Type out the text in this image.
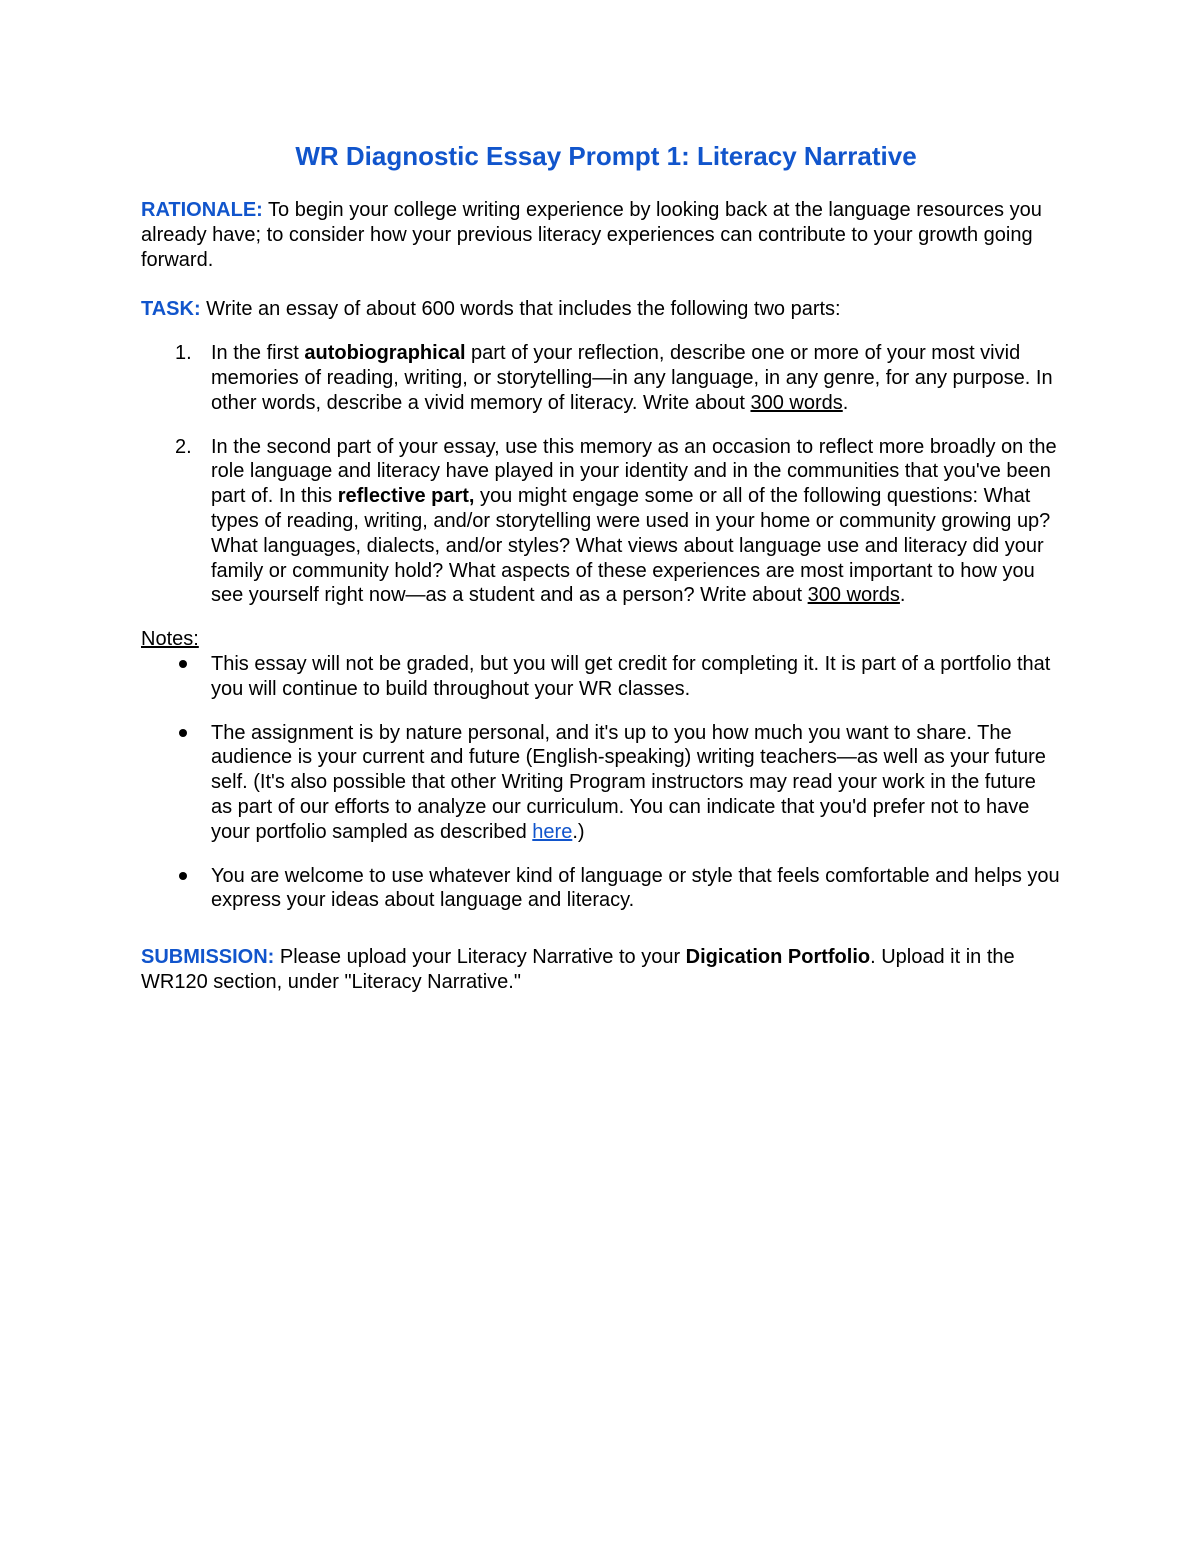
WR Diagnostic Essay Prompt 1: Literacy Narrative

RATIONALE: To begin your college writing experience by looking back at the language resources you already have; to consider how your previous literacy experiences can contribute to your growth going forward.

TASK: Write an essay of about 600 words that includes the following two parts:

1. In the first autobiographical part of your reflection, describe one or more of your most vivid memories of reading, writing, or storytelling—in any language, in any genre, for any purpose. In other words, describe a vivid memory of literacy. Write about 300 words.
2. In the second part of your essay, use this memory as an occasion to reflect more broadly on the role language and literacy have played in your identity and in the communities that you've been part of. In this reflective part, you might engage some or all of the following questions: What types of reading, writing, and/or storytelling were used in your home or community growing up? What languages, dialects, and/or styles? What views about language use and literacy did your family or community hold? What aspects of these experiences are most important to how you see yourself right now—as a student and as a person? Write about 300 words.

Notes:

This essay will not be graded, but you will get credit for completing it. It is part of a portfolio that you will continue to build throughout your WR classes.
The assignment is by nature personal, and it's up to you how much you want to share. The audience is your current and future (English-speaking) writing teachers—as well as your future self. (It's also possible that other Writing Program instructors may read your work in the future as part of our efforts to analyze our curriculum. You can indicate that you'd prefer not to have your portfolio sampled as described here.)
You are welcome to use whatever kind of language or style that feels comfortable and helps you express your ideas about language and literacy.

SUBMISSION: Please upload your Literacy Narrative to your Digication Portfolio. Upload it in the WR120 section, under "Literacy Narrative."
